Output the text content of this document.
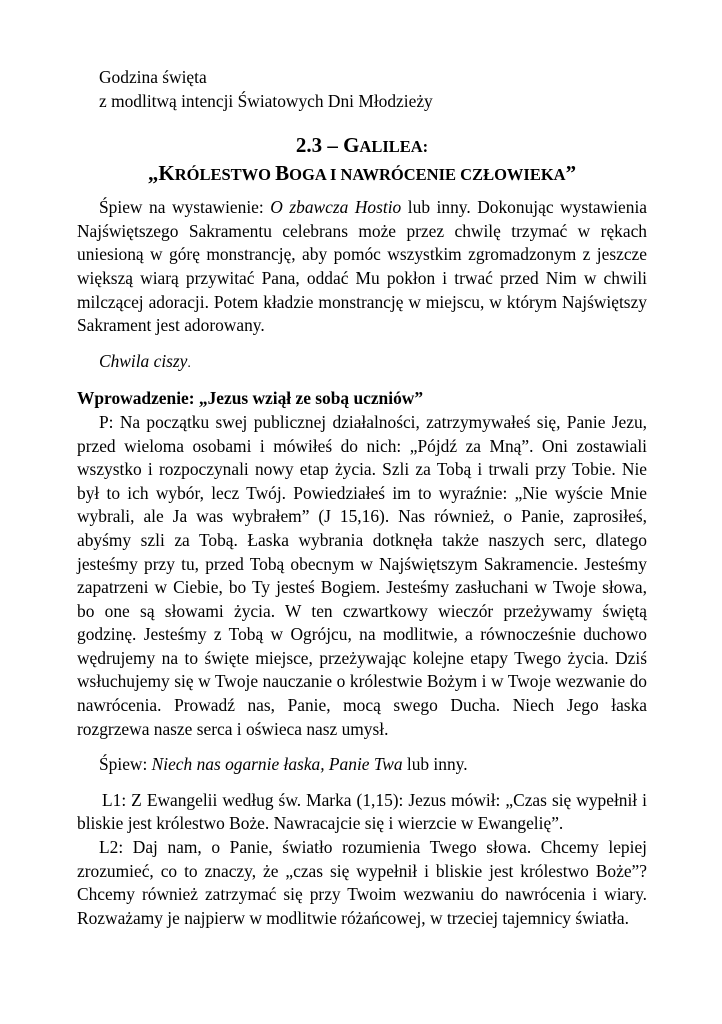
Godzina święta
z modlitwą intencji Światowych Dni Młodzieży
2.3 – GALILEA:
„KRÓLESTWO BOGA I NAWRÓCENIE CZŁOWIEKA”

Śpiew na wystawienie: O zbawcza Hostio lub inny. Dokonując wystawienia Najświętszego Sakramentu celebrans może przez chwilę trzymać w rękach uniesioną w górę monstrancję, aby pomóc wszystkim zgromadzonym z jeszcze większą wiarą przywitać Pana, oddać Mu pokłon i trwać przed Nim w chwili milczącej adoracji. Potem kładzie monstrancję w miejscu, w którym Najświętszy Sakrament jest adorowany.

Chwila ciszy.

Wprowadzenie: „Jezus wziął ze sobą uczniów”

P: Na początku swej publicznej działalności, zatrzymywałeś się, Panie Jezu, przed wieloma osobami i mówiłeś do nich: „Pójdź za Mną”. Oni zostawiali wszystko i rozpoczynali nowy etap życia. Szli za Tobą i trwali przy Tobie. Nie był to ich wybór, lecz Twój. Powiedziałeś im to wyraźnie: „Nie wyście Mnie wybrali, ale Ja was wybrałem” (J 15,16). Nas również, o Panie, zaprosiłeś, abyśmy szli za Tobą. Łaska wybrania dotknęła także naszych serc, dlatego jesteśmy przy tu, przed Tobą obecnym w Najświętszym Sakramencie. Jesteśmy zapatrzeni w Ciebie, bo Ty jesteś Bogiem. Jesteśmy zasłuchani w Twoje słowa, bo one są słowami życia. W ten czwartkowy wieczór przeżywamy świętą godzinę. Jesteśmy z Tobą w Ogrójcu, na modlitwie, a równocześnie duchowo wędrujemy na to święte miejsce, przeżywając kolejne etapy Twego życia. Dziś wsłuchujemy się w Twoje nauczanie o królestwie Bożym i w Twoje wezwanie do nawrócenia. Prowadź nas, Panie, mocą swego Ducha. Niech Jego łaska rozgrzewa nasze serca i oświeca nasz umysł.

Śpiew: Niech nas ogarnie łaska, Panie Twa lub inny.

L1: Z Ewangelii według św. Marka (1,15): Jezus mówił: „Czas się wypełnił i bliskie jest królestwo Boże. Nawracajcie się i wierzcie w Ewangelię”.

L2: Daj nam, o Panie, światło rozumienia Twego słowa. Chcemy lepiej zrozumieć, co to znaczy, że „czas się wypełnił i bliskie jest królestwo Boże”? Chcemy również zatrzymać się przy Twoim wezwaniu do nawrócenia i wiary. Rozważamy je najpierw w modlitwie różańcowej, w trzeciej tajemnicy światła.
